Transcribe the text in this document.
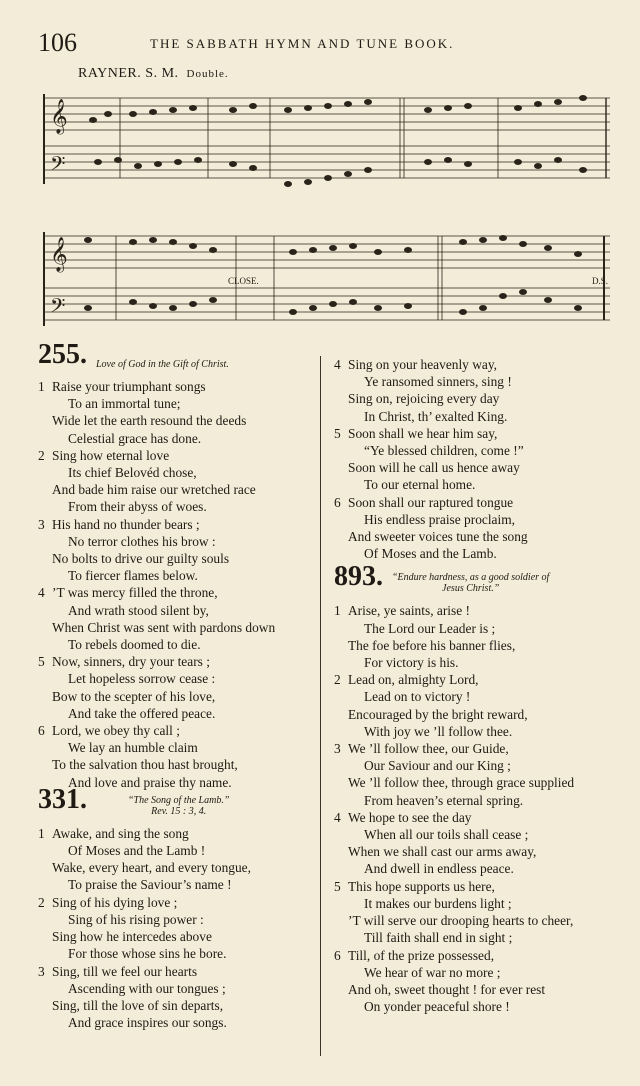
106	THE SABBATH HYMN AND TUNE BOOK.
RAYNER. S. M. Double.
𝄞
𝄢
𝄞
𝄢
CLOSE.	D.S.
255. Love of God in the Gift of Christ.
1 Raise your triumphant songs
To an immortal tune;
Wide let the earth resound the deeds
Celestial grace has done.
2 Sing how eternal love
Its chief Belovéd chose,
And bade him raise our wretched race
From their abyss of woes.
3 His hand no thunder bears ;
No terror clothes his brow :
No bolts to drive our guilty souls
To fiercer flames below.
4 ’T was mercy filled the throne,
And wrath stood silent by,
When Christ was sent with pardons down
To rebels doomed to die.
5 Now, sinners, dry your tears ;
Let hopeless sorrow cease :
Bow to the scepter of his love,
And take the offered peace.
6 Lord, we obey thy call ;
We lay an humble claim
To the salvation thou hast brought,
And love and praise thy name.
331.	“The Song of the Lamb.”
Rev. 15 : 3, 4.
1 Awake, and sing the song
Of Moses and the Lamb !
Wake, every heart, and every tongue,
To praise the Saviour’s name !
2 Sing of his dying love ;
Sing of his rising power :
Sing how he intercedes above
For those whose sins he bore.
3 Sing, till we feel our hearts
Ascending with our tongues ;
Sing, till the love of sin departs,
And grace inspires our songs.
4 Sing on your heavenly way,
Ye ransomed sinners, sing !
Sing on, rejoicing every day
In Christ, th’ exalted King.
5 Soon shall we hear him say,
“Ye blessed children, come !”
Soon will he call us hence away
To our eternal home.
6 Soon shall our raptured tongue
His endless praise proclaim,
And sweeter voices tune the song
Of Moses and the Lamb.
893. “Endure hardness, as a good soldier of
Jesus Christ.”
1 Arise, ye saints, arise !
The Lord our Leader is ;
The foe before his banner flies,
For victory is his.
2 Lead on, almighty Lord,
Lead on to victory !
Encouraged by the bright reward,
With joy we ’ll follow thee.
3 We ’ll follow thee, our Guide,
Our Saviour and our King ;
We ’ll follow thee, through grace supplied
From heaven’s eternal spring.
4 We hope to see the day
When all our toils shall cease ;
When we shall cast our arms away,
And dwell in endless peace.
5 This hope supports us here,
It makes our burdens light ;
’T will serve our drooping hearts to cheer,
Till faith shall end in sight ;
6 Till, of the prize possessed,
We hear of war no more ;
And oh, sweet thought ! for ever rest
On yonder peaceful shore !
